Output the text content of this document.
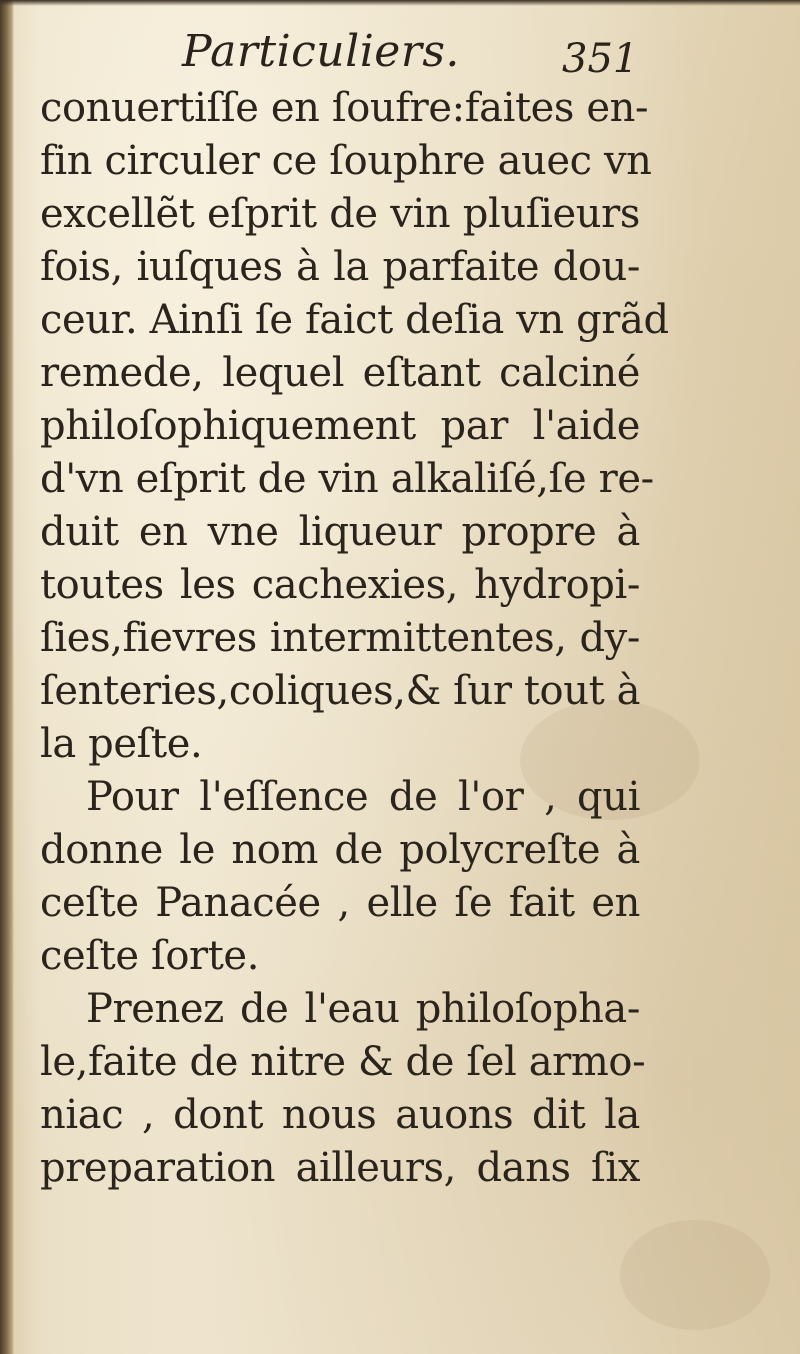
Particuliers.	351
conuertiſſe en ſoufre:faites en-
fin circuler ce ſouphre auec vn
excellẽt eſprit de vin pluſieurs
fois, iuſques à la parfaite dou-
ceur. Ainſi ſe faict deſia vn grãd
remede, lequel eſtant calciné
philoſophiquement par l'aide
d'vn eſprit de vin alkaliſé,ſe re-
duit en vne liqueur propre à
toutes les cachexies, hydropi-
ſies,fievres intermittentes, dy-
ſenteries,coliques,& ſur tout à
la peſte.
Pour l'eſſence de l'or , qui
donne le nom de polycreſte à
ceſte Panacée , elle ſe fait en
ceſte ſorte.
Prenez de l'eau philoſopha-
le,faite de nitre & de ſel armo-
niac , dont nous auons dit la
preparation ailleurs, dans ſix
